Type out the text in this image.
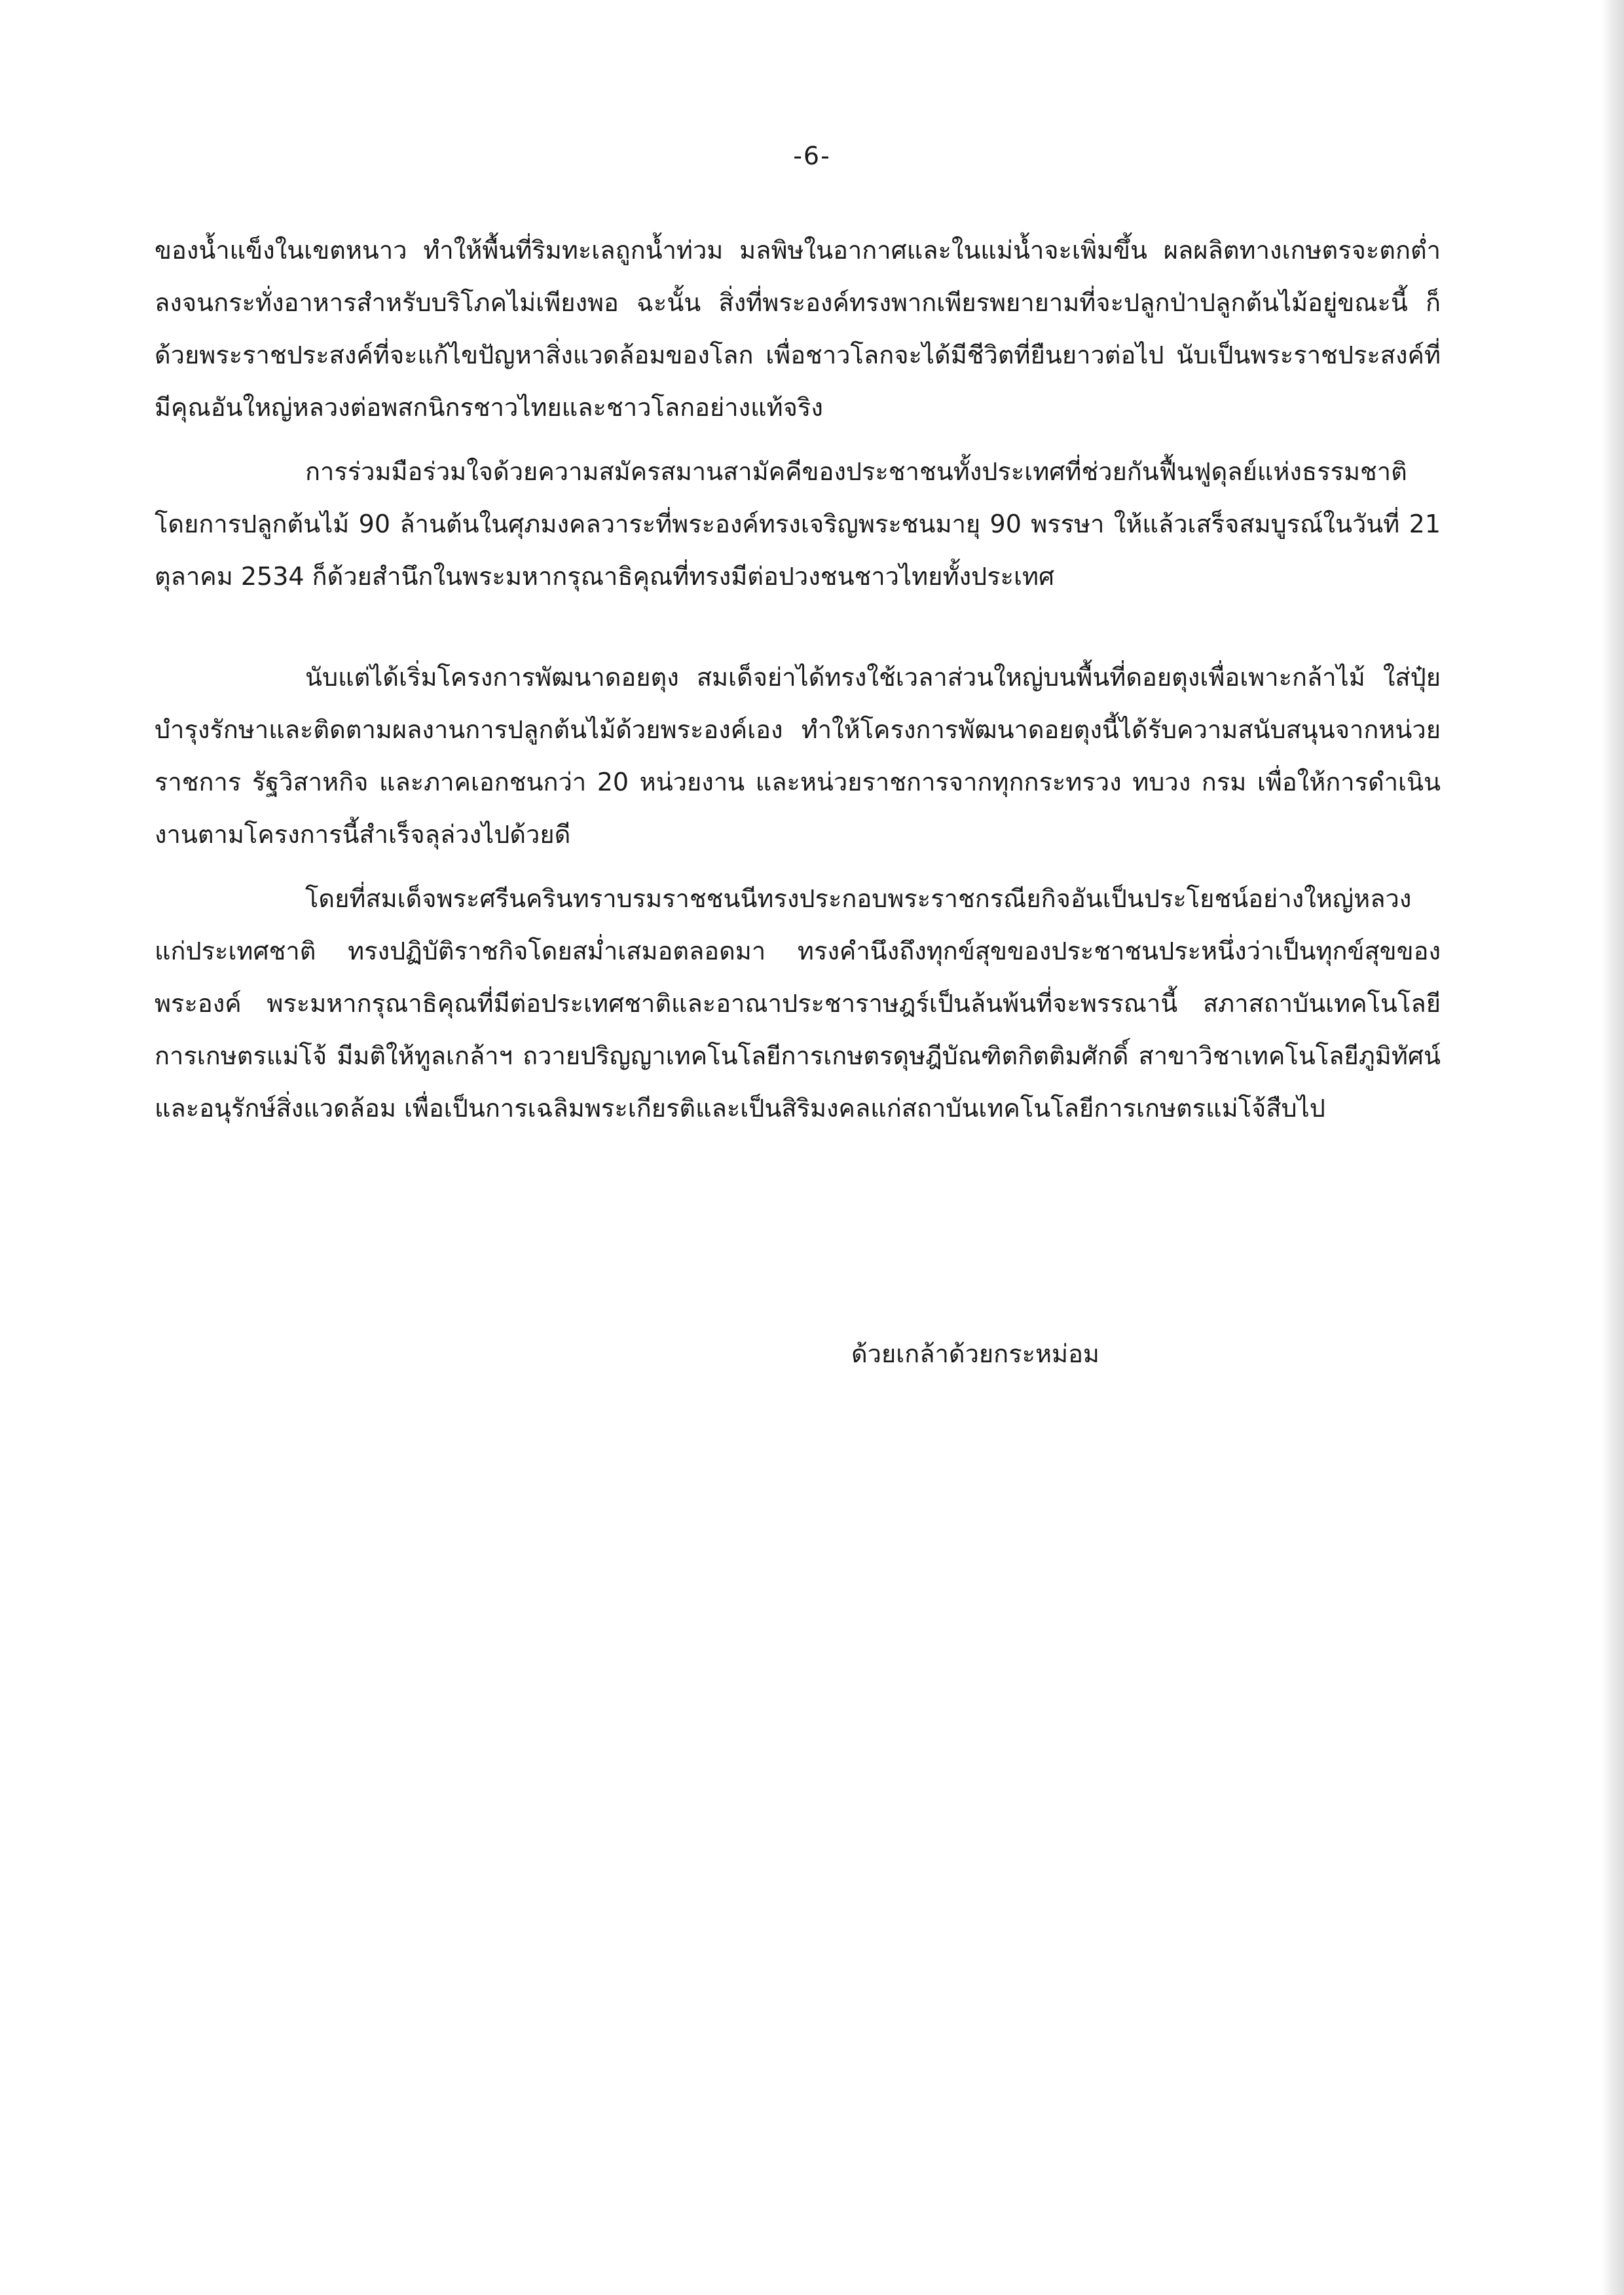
-6-

ของน้ำแข็งในเขตหนาว ทำให้พื้นที่ริมทะเลถูกน้ำท่วม มลพิษในอากาศและในแม่น้ำจะเพิ่มขึ้น ผลผลิตทางเกษตรจะตกต่ำลงจนกระทั่งอาหารสำหรับบริโภคไม่เพียงพอ ฉะนั้น สิ่งที่พระองค์ทรงพากเพียรพยายามที่จะปลูกป่าปลูกต้นไม้อยู่ขณะนี้ ก็ด้วยพระราชประสงค์ที่จะแก้ไขปัญหาสิ่งแวดล้อมของโลก เพื่อชาวโลกจะได้มีชีวิตที่ยืนยาวต่อไป นับเป็นพระราชประสงค์ที่มีคุณอันใหญ่หลวงต่อพสกนิกรชาวไทยและชาวโลกอย่างแท้จริง

การร่วมมือร่วมใจด้วยความสมัครสมานสามัคคีของประชาชนทั้งประเทศที่ช่วยกันฟื้นฟูดุลย์แห่งธรรมชาติโดยการปลูกต้นไม้ 90 ล้านต้นในศุภมงคลวาระที่พระองค์ทรงเจริญพระชนมายุ 90 พรรษา ให้แล้วเสร็จสมบูรณ์ในวันที่ 21 ตุลาคม 2534 ก็ด้วยสำนึกในพระมหากรุณาธิคุณที่ทรงมีต่อปวงชนชาวไทยทั้งประเทศ

นับแต่ได้เริ่มโครงการพัฒนาดอยตุง สมเด็จย่าได้ทรงใช้เวลาส่วนใหญ่บนพื้นที่ดอยตุงเพื่อเพาะกล้าไม้ ใส่ปุ๋ยบำรุงรักษาและติดตามผลงานการปลูกต้นไม้ด้วยพระองค์เอง ทำให้โครงการพัฒนาดอยตุงนี้ได้รับความสนับสนุนจากหน่วยราชการ รัฐวิสาหกิจ และภาคเอกชนกว่า 20 หน่วยงาน และหน่วยราชการจากทุกกระทรวง ทบวง กรม เพื่อให้การดำเนินงานตามโครงการนี้สำเร็จลุล่วงไปด้วยดี

โดยที่สมเด็จพระศรีนครินทราบรมราชชนนีทรงประกอบพระราชกรณียกิจอันเป็นประโยชน์อย่างใหญ่หลวงแก่ประเทศชาติ ทรงปฏิบัติราชกิจโดยสม่ำเสมอตลอดมา ทรงคำนึงถึงทุกข์สุขของประชาชนประหนึ่งว่าเป็นทุกข์สุขของพระองค์ พระมหากรุณาธิคุณที่มีต่อประเทศชาติและอาณาประชาราษฎร์เป็นล้นพ้นที่จะพรรณานี้ สภาสถาบันเทคโนโลยีการเกษตรแม่โจ้ มีมติให้ทูลเกล้าฯ ถวายปริญญาเทคโนโลยีการเกษตรดุษฎีบัณฑิตกิตติมศักดิ์ สาขาวิชาเทคโนโลยีภูมิทัศน์และอนุรักษ์สิ่งแวดล้อม เพื่อเป็นการเฉลิมพระเกียรติและเป็นสิริมงคลแก่สถาบันเทคโนโลยีการเกษตรแม่โจ้สืบไป

ด้วยเกล้าด้วยกระหม่อม
